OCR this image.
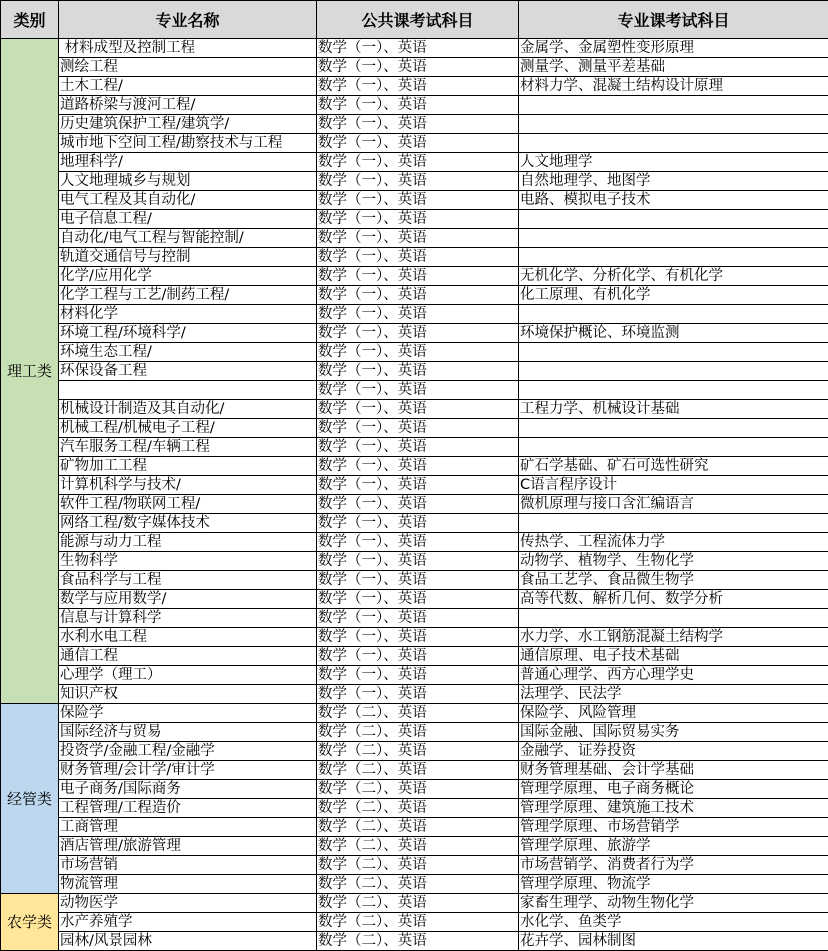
类别	专业名称	公共课考试科目	专业课考试科目
理工类	材料成型及控制工程	数学（一）、英语	金属学、金属塑性变形原理
	测绘工程	数学（一）、英语	测量学、测量平差基础
	土木工程/	数学（一）、英语	材料力学、混凝土结构设计原理
	道路桥梁与渡河工程/	数学（一）、英语	
	历史建筑保护工程/建筑学/	数学（一）、英语	
	城市地下空间工程/勘察技术与工程	数学（一）、英语	
	地理科学/	数学（一）、英语	人文地理学
	人文地理城乡与规划	数学（一）、英语	自然地理学、地图学
	电气工程及其自动化/	数学（一）、英语	电路、模拟电子技术
	电子信息工程/	数学（一）、英语	
	自动化/电气工程与智能控制/	数学（一）、英语	
	轨道交通信号与控制	数学（一）、英语	
	化学/应用化学	数学（一）、英语	无机化学、分析化学、有机化学
	化学工程与工艺/制药工程/	数学（一）、英语	化工原理、有机化学
	材料化学	数学（一）、英语	
	环境工程/环境科学/	数学（一）、英语	环境保护概论、环境监测
	环境生态工程/	数学（一）、英语	
	环保设备工程	数学（一）、英语	
		数学（一）、英语	
	机械设计制造及其自动化/	数学（一）、英语	工程力学、机械设计基础
	机械工程/机械电子工程/	数学（一）、英语	
	汽车服务工程/车辆工程	数学（一）、英语	
	矿物加工工程	数学（一）、英语	矿石学基础、矿石可选性研究
	计算机科学与技术/	数学（一）、英语	C语言程序设计
	软件工程/物联网工程/	数学（一）、英语	微机原理与接口含汇编语言
	网络工程/数字媒体技术	数学（一）、英语	
	能源与动力工程	数学（一）、英语	传热学、工程流体力学
	生物科学	数学（一）、英语	动物学、植物学、生物化学
	食品科学与工程	数学（一）、英语	食品工艺学、食品微生物学
	数学与应用数学/	数学（一）、英语	高等代数、解析几何、数学分析
	信息与计算科学	数学（一）、英语	
	水利水电工程	数学（一）、英语	水力学、水工钢筋混凝土结构学
	通信工程	数学（一）、英语	通信原理、电子技术基础
	心理学（理工）	数学（一）、英语	普通心理学、西方心理学史
	知识产权	数学（一）、英语	法理学、民法学
经管类	保险学	数学（二）、英语	保险学、风险管理
	国际经济与贸易	数学（二）、英语	国际金融、国际贸易实务
	投资学/金融工程/金融学	数学（二）、英语	金融学、证券投资
	财务管理/会计学/审计学	数学（二）、英语	财务管理基础、会计学基础
	电子商务/国际商务	数学（二）、英语	管理学原理、电子商务概论
	工程管理/工程造价	数学（二）、英语	管理学原理、建筑施工技术
	工商管理	数学（二）、英语	管理学原理、市场营销学
	酒店管理/旅游管理	数学（二）、英语	管理学原理、旅游学
	市场营销	数学（二）、英语	市场营销学、消费者行为学
	物流管理	数学（二）、英语	管理学原理、物流学
农学类	动物医学	数学（二）、英语	家畜生理学、动物生物化学
	水产养殖学	数学（二）、英语	水化学、鱼类学
	园林/风景园林	数学（二）、英语	花卉学、园林制图
